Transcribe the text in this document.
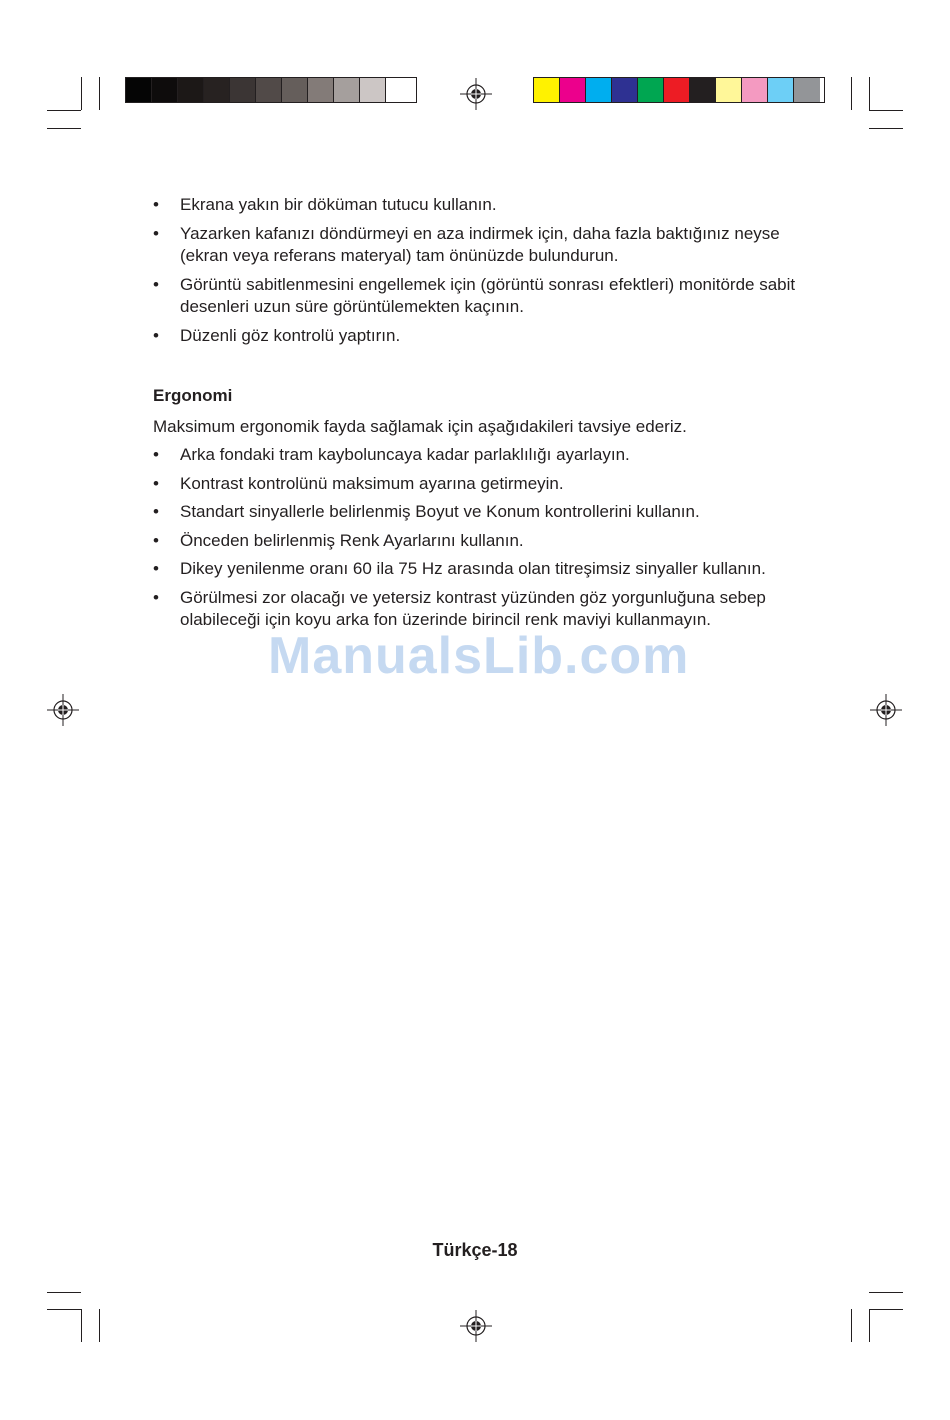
• Ekrana yakın bir döküman tutucu kullanın.
• Yazarken kafanızı döndürmeyi en aza indirmek için, daha fazla baktığınız neyse (ekran veya referans materyal) tam önünüzde bulundurun.
• Görüntü sabitlenmesini engellemek için (görüntü sonrası efektleri) monitörde sabit desenleri uzun süre görüntülemekten kaçının.
• Düzenli göz kontrolü yaptırın.
Ergonomi
Maksimum ergonomik fayda sağlamak için aşağıdakileri tavsiye ederiz.
• Arka fondaki tram kayboluncaya kadar parlaklılığı ayarlayın.
• Kontrast kontrolünü maksimum ayarına getirmeyin.
• Standart sinyallerle belirlenmiş Boyut ve Konum kontrollerini kullanın.
• Önceden belirlenmiş Renk Ayarlarını kullanın.
• Dikey yenilenme oranı 60 ila 75 Hz arasında olan titreşimsiz sinyaller kullanın.
• Görülmesi zor olacağı ve yetersiz kontrast yüzünden göz yorgunluğuna sebep olabileceği için koyu arka fon üzerinde birincil renk maviyi kullanmayın.
ManualsLib.com
Türkçe-18
